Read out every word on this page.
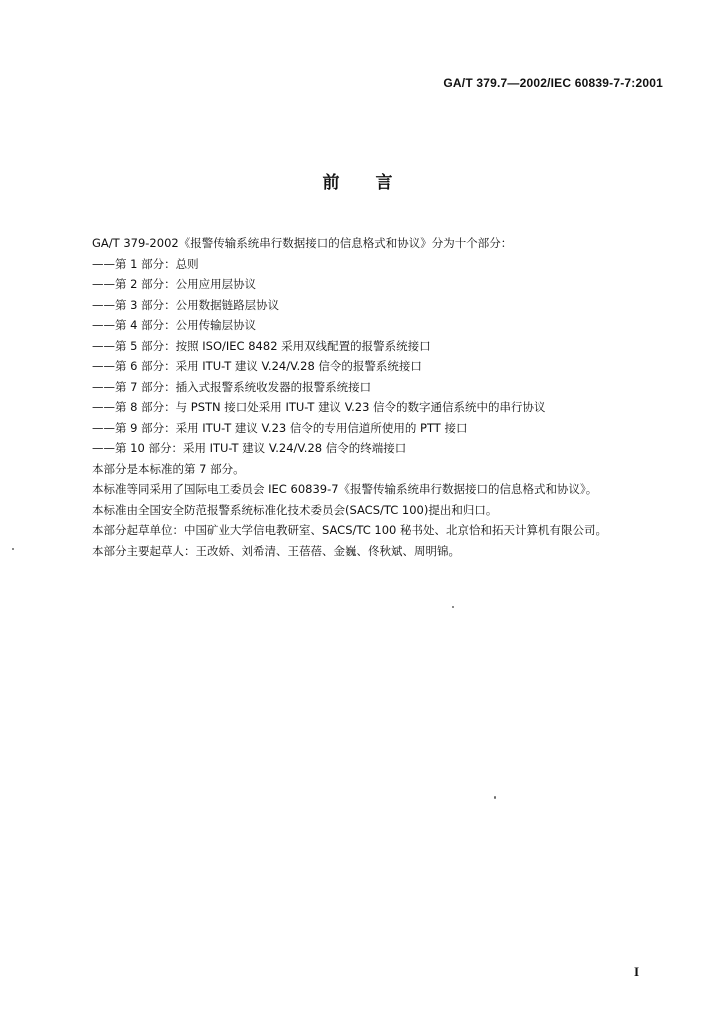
GA/T 379.7—2002/IEC 60839-7-7:2001
前言

GA/T 379-2002《报警传输系统串行数据接口的信息格式和协议》分为十个部分：

——第 1 部分：总则

——第 2 部分：公用应用层协议

——第 3 部分：公用数据链路层协议

——第 4 部分：公用传输层协议

——第 5 部分：按照 ISO/IEC 8482 采用双线配置的报警系统接口

——第 6 部分：采用 ITU-T 建议 V.24/V.28 信令的报警系统接口

——第 7 部分：插入式报警系统收发器的报警系统接口

——第 8 部分：与 PSTN 接口处采用 ITU-T 建议 V.23 信令的数字通信系统中的串行协议

——第 9 部分：采用 ITU-T 建议 V.23 信令的专用信道所使用的 PTT 接口

——第 10 部分：采用 ITU-T 建议 V.24/V.28 信令的终端接口

本部分是本标准的第 7 部分。

本标准等同采用了国际电工委员会 IEC 60839-7《报警传输系统串行数据接口的信息格式和协议》。

本标准由全国安全防范报警系统标准化技术委员会(SACS/TC 100)提出和归口。

本部分起草单位：中国矿业大学信电教研室、SACS/TC 100 秘书处、北京恰和拓天计算机有限公司。

本部分主要起草人：王改娇、刘希清、王蓓蓓、金巍、佟秋斌、周明锦。

I
